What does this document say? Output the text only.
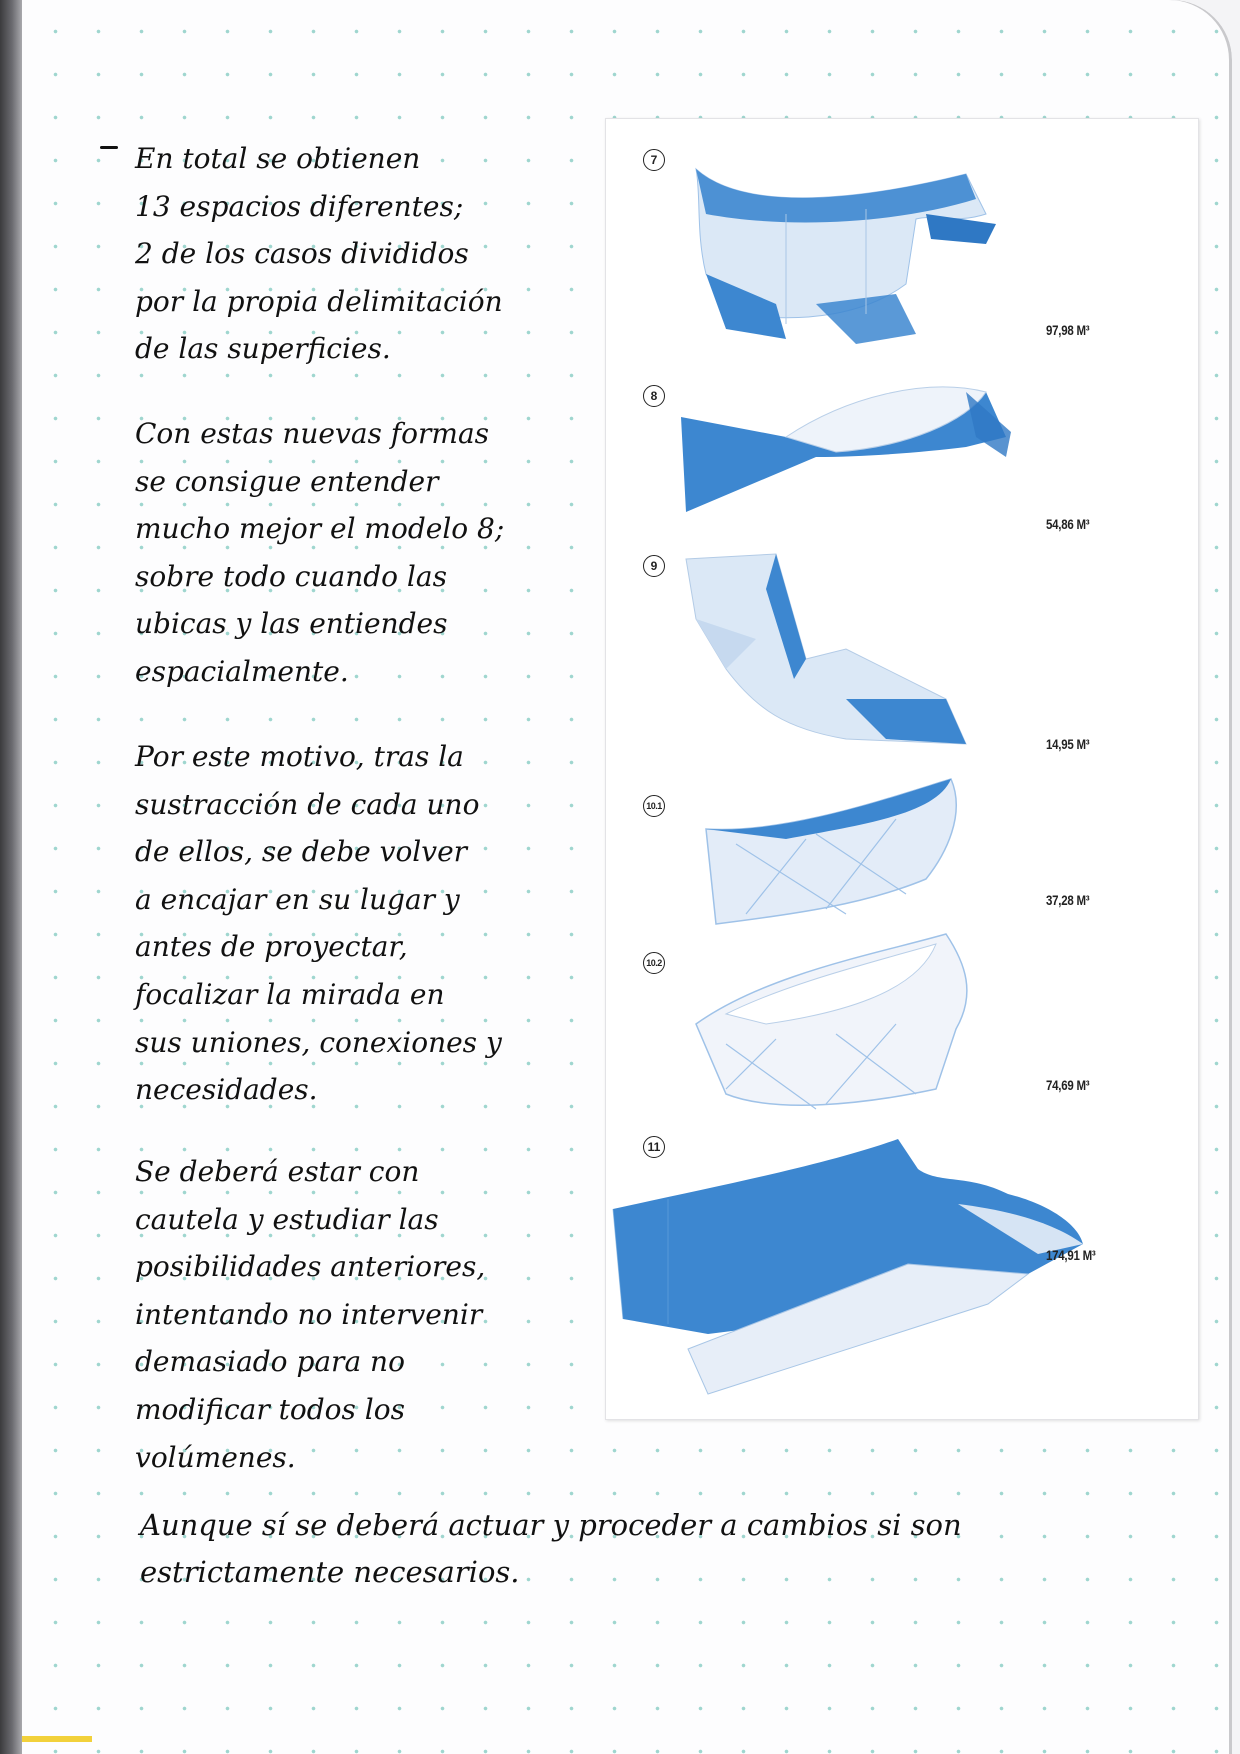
En total se obtienen
13 espacios diferentes;
2 de los casos divididos
por la propia delimitación
de las superficies.
Con estas nuevas formas
se consigue entender
mucho mejor el modelo 8;
sobre todo cuando las
ubicas y las entiendes
espacialmente.
Por este motivo, tras la
sustracción de cada uno
de ellos, se debe volver
a encajar en su lugar y
antes de proyectar,
focalizar la mirada en
sus uniones, conexiones y
necesidades.
Se deberá estar con
cautela y estudiar las
posibilidades anteriores,
intentando no intervenir
demasiado para no
modificar todos los
volúmenes.
Aunque sí se deberá actuar y proceder a cambios si son
estrictamente necesarios.
7
97,98 M³
8
54,86 M³
9
14,95 M³
10.1
37,28 M³
10.2
74,69 M³
11
174,91 M³
